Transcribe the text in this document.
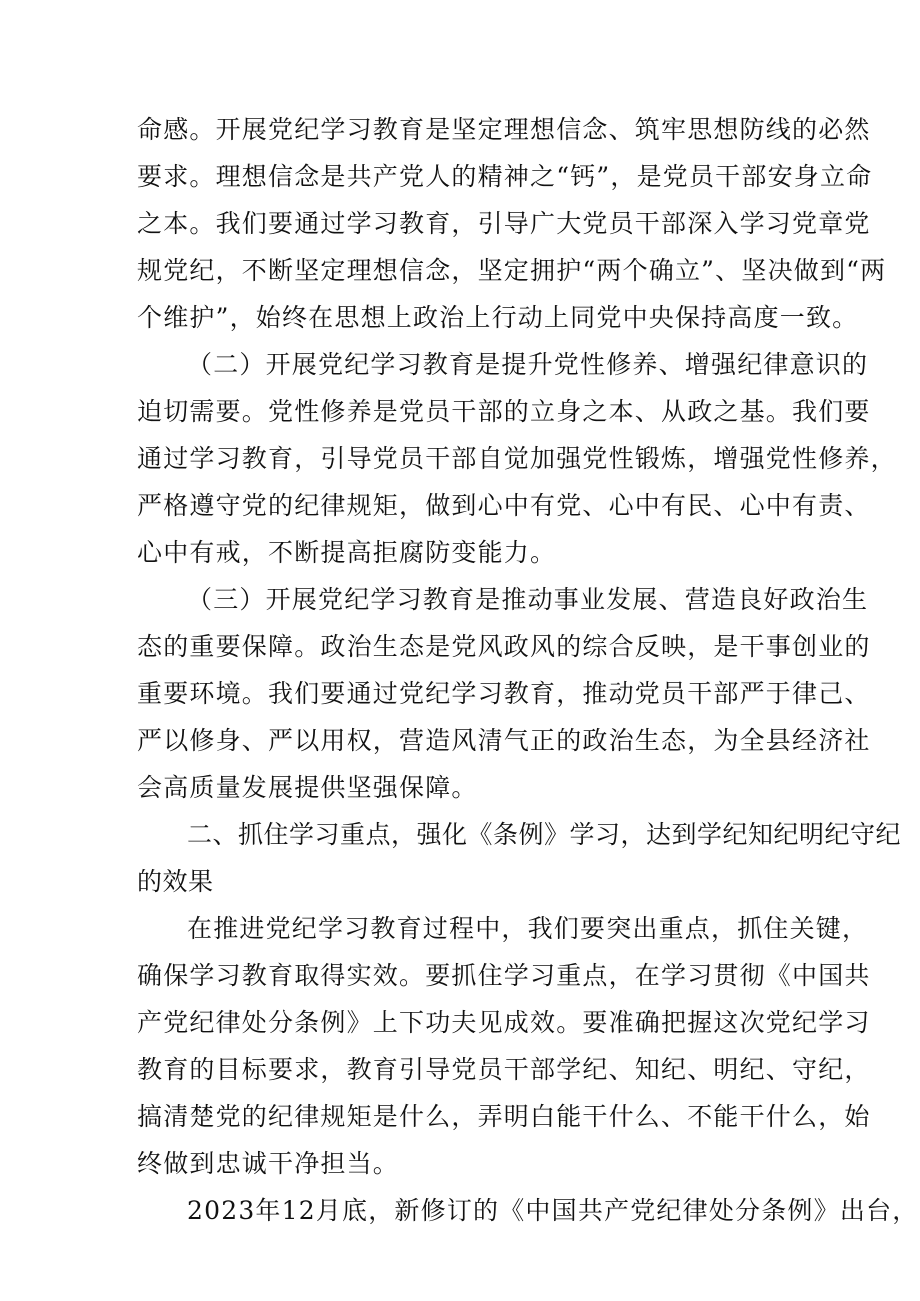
命感。开展党纪学习教育是坚定理想信念、筑牢思想防线的必然
要求。理想信念是共产党人的精神之“钙”，是党员干部安身立命
之本。我们要通过学习教育，引导广大党员干部深入学习党章党
规党纪，不断坚定理想信念，坚定拥护“两个确立”、坚决做到“两
个维护”，始终在思想上政治上行动上同党中央保持高度一致。
（二）开展党纪学习教育是提升党性修养、增强纪律意识的
迫切需要。党性修养是党员干部的立身之本、从政之基。我们要
通过学习教育，引导党员干部自觉加强党性锻炼，增强党性修养，
严格遵守党的纪律规矩，做到心中有党、心中有民、心中有责、
心中有戒，不断提高拒腐防变能力。
（三）开展党纪学习教育是推动事业发展、营造良好政治生
态的重要保障。政治生态是党风政风的综合反映，是干事创业的
重要环境。我们要通过党纪学习教育，推动党员干部严于律己、
严以修身、严以用权，营造风清气正的政治生态，为全县经济社
会高质量发展提供坚强保障。
二、抓住学习重点，强化《条例》学习，达到学纪知纪明纪守纪
的效果
在推进党纪学习教育过程中，我们要突出重点，抓住关键，
确保学习教育取得实效。要抓住学习重点，在学习贯彻《中国共
产党纪律处分条例》上下功夫见成效。要准确把握这次党纪学习
教育的目标要求，教育引导党员干部学纪、知纪、明纪、守纪，
搞清楚党的纪律规矩是什么，弄明白能干什么、不能干什么，始
终做到忠诚干净担当。
2023年12月底，新修订的《中国共产党纪律处分条例》出台，
